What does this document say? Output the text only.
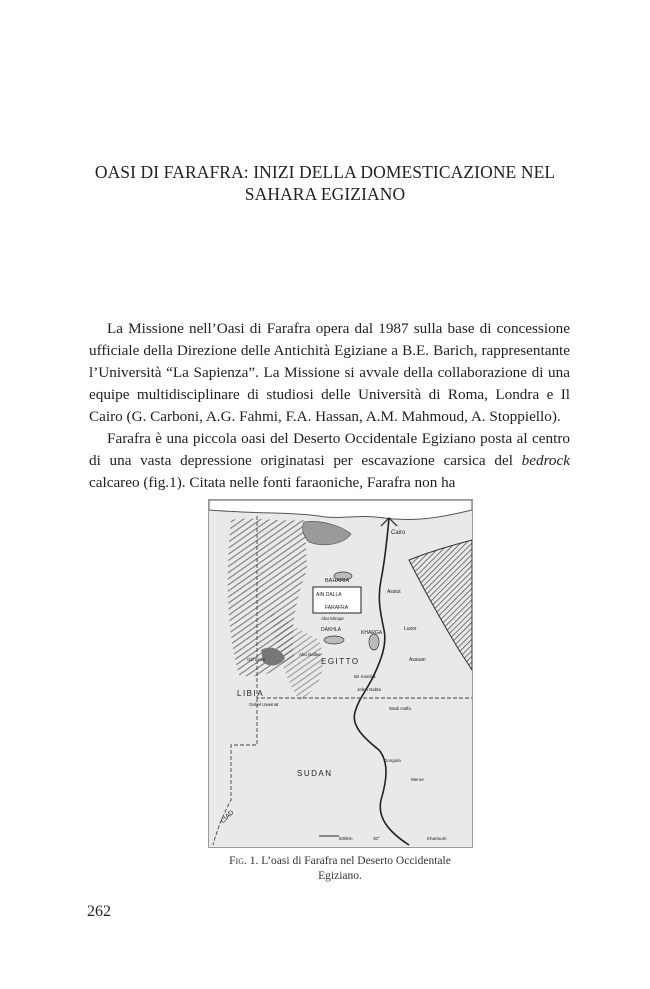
OASI DI FARAFRA: INIZI DELLA DOMESTICAZIONE NEL
SAHARA EGIZIANO

La Missione nell’Oasi di Farafra opera dal 1987 sulla base di concessione ufficiale della Direzione delle Antichità Egiziane a B.E. Barich, rappresentante l’Università “La Sapienza”. La Missione si avvale della collaborazione di una equipe multidisciplinare di studiosi delle Università di Roma, Londra e Il Cairo (G. Carboni, A.G. Fahmi, F.A. Hassan, A.M. Mahmoud, A. Stoppiello).

Farafra è una piccola oasi del Deserto Occidentale Egiziano posta al centro di una vasta depressione originatasi per escavazione carsica del bedrock calcareo (fig.1). Citata nelle fonti faraoniche, Farafra non ha

Cairo
BAHARIA
AIN DALLA
FARAFRA
Abu Minqar
Assiut
DAKHLA	KHARGA
Luxor
EGITTO	Assuan
Abu Ballas
Gilf Kebir
LIBIA
Bir Kiseiba
Jebel Nabta
Gebel Uweinat
Wadi Halfa
SUDAN
Dongola
Meroe
CIAD
500km	30°	Khartoum
Fig. 1. L’oasi di Farafra nel Deserto Occidentale
Egiziano.
262
